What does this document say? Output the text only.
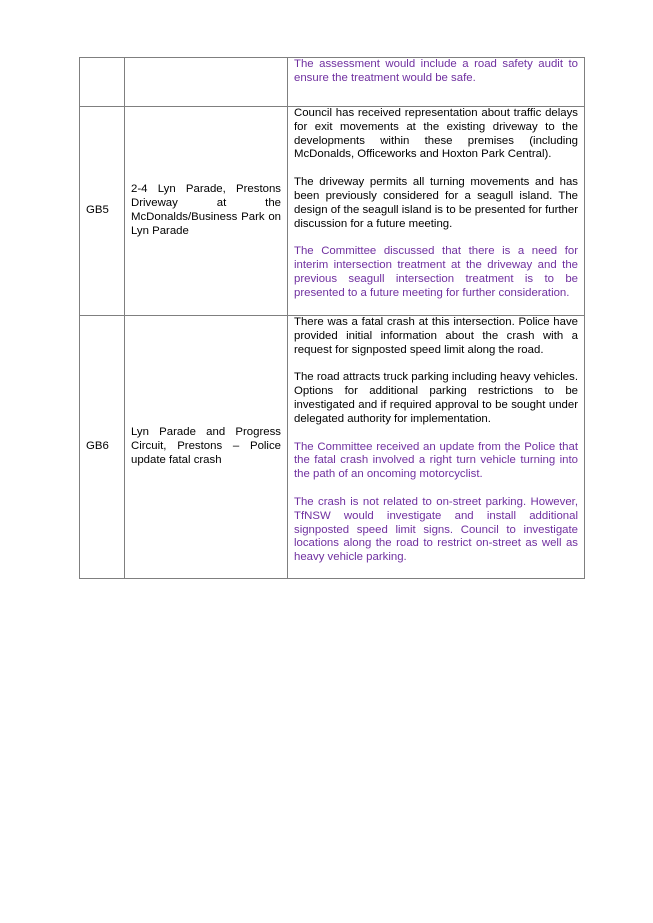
		The assessment would include a road safety audit to ensure the treatment would be safe.

GB5	2-4 Lyn Parade, Prestons Driveway at the McDonalds/Business Park on Lyn Parade	Council has received representation about traffic delays for exit movements at the existing driveway to the developments within these premises (including McDonalds, Officeworks and Hoxton Park Central).

The driveway permits all turning movements and has been previously considered for a seagull island. The design of the seagull island is to be presented for further discussion for a future meeting.

The Committee discussed that there is a need for interim intersection treatment at the driveway and the previous seagull intersection treatment is to be presented to a future meeting for further consideration.

GB6	Lyn Parade and Progress Circuit, Prestons – Police update fatal crash	There was a fatal crash at this intersection. Police have provided initial information about the crash with a request for signposted speed limit along the road.

The road attracts truck parking including heavy vehicles. Options for additional parking restrictions to be investigated and if required approval to be sought under delegated authority for implementation.

The Committee received an update from the Police that the fatal crash involved a right turn vehicle turning into the path of an oncoming motorcyclist.

The crash is not related to on-street parking. However, TfNSW would investigate and install additional signposted speed limit signs. Council to investigate locations along the road to restrict on-street as well as heavy vehicle parking.
